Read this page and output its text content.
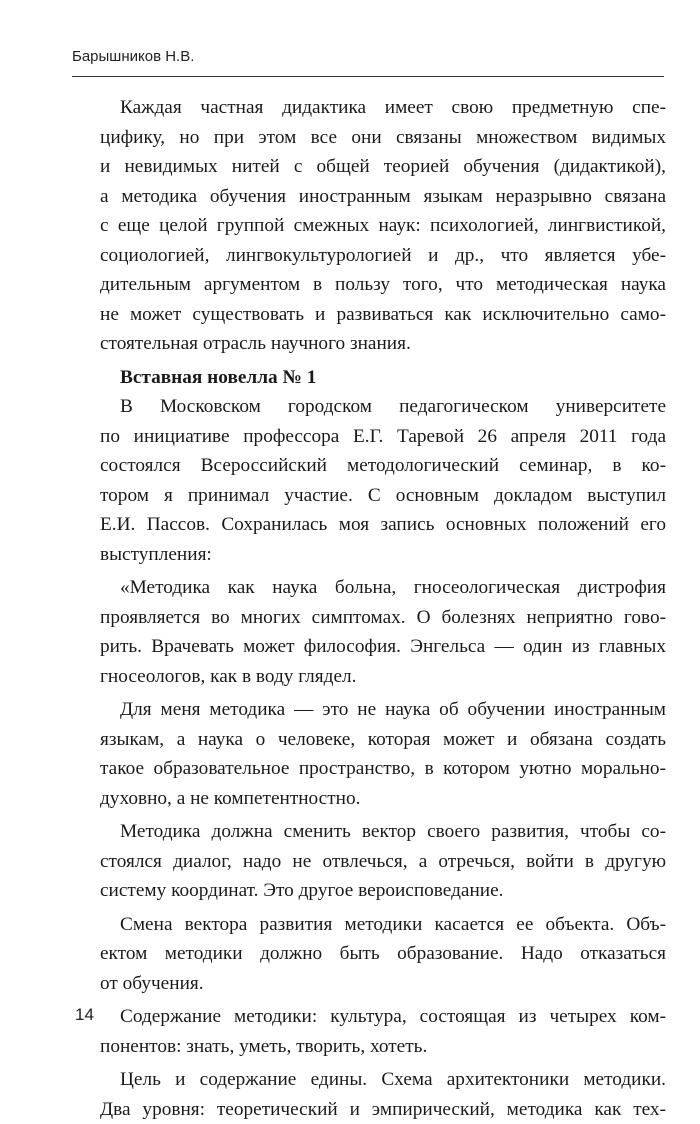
Барышников Н.В.
Каждая частная дидактика имеет свою предметную спе-
цифику, но при этом все они связаны множеством видимых
и невидимых нитей с общей теорией обучения (дидактикой),
а методика обучения иностранным языкам неразрывно связана
с еще целой группой смежных наук: психологией, лингвистикой,
социологией, лингвокультурологией и др., что является убе-
дительным аргументом в пользу того, что методическая наука
не может существовать и развиваться как исключительно само-
стоятельная отрасль научного знания.
Вставная новелла № 1
В Московском городском педагогическом университете
по инициативе профессора Е.Г. Таревой 26 апреля 2011 года
состоялся Всероссийский методологический семинар, в ко-
тором я принимал участие. С основным докладом выступил
Е.И. Пассов. Сохранилась моя запись основных положений его
выступления:
«Методика как наука больна, гносеологическая дистрофия
проявляется во многих симптомах. О болезнях неприятно гово-
рить. Врачевать может философия. Энгельса — один из главных
гносеологов, как в воду глядел.
Для меня методика — это не наука об обучении иностранным
языкам, а наука о человеке, которая может и обязана создать
такое образовательное пространство, в котором уютно морально-
духовно, а не компетентностно.
Методика должна сменить вектор своего развития, чтобы со-
стоялся диалог, надо не отвлечься, а отречься, войти в другую
систему координат. Это другое вероисповедание.
Смена вектора развития методики касается ее объекта. Объ-
ектом методики должно быть образование. Надо отказаться
от обучения.
Содержание методики: культура, состоящая из четырех ком-
понентов: знать, уметь, творить, хотеть.
Цель и содержание едины. Схема архитектоники методики.
Два уровня: теоретический и эмпирический, методика как тех-
14
